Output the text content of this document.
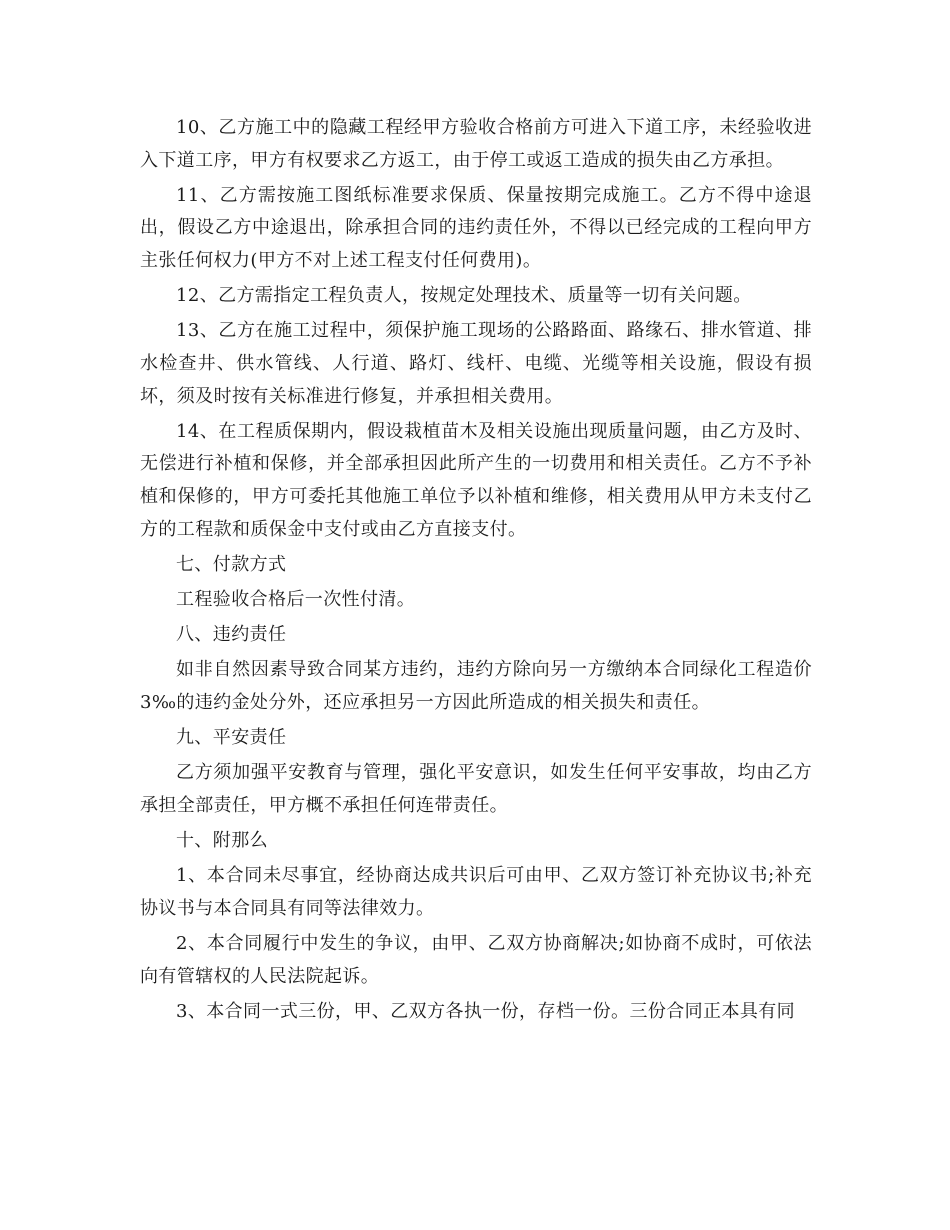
10、乙方施工中的隐藏工程经甲方验收合格前方可进入下道工序，未经验收进入下道工序，甲方有权要求乙方返工，由于停工或返工造成的损失由乙方承担。

11、乙方需按施工图纸标准要求保质、保量按期完成施工。乙方不得中途退出，假设乙方中途退出，除承担合同的违约责任外，不得以已经完成的工程向甲方主张任何权力(甲方不对上述工程支付任何费用)。

12、乙方需指定工程负责人，按规定处理技术、质量等一切有关问题。

13、乙方在施工过程中，须保护施工现场的公路路面、路缘石、排水管道、排水检查井、供水管线、人行道、路灯、线杆、电缆、光缆等相关设施，假设有损坏，须及时按有关标准进行修复，并承担相关费用。

14、在工程质保期内，假设栽植苗木及相关设施出现质量问题，由乙方及时、无偿进行补植和保修，并全部承担因此所产生的一切费用和相关责任。乙方不予补植和保修的，甲方可委托其他施工单位予以补植和维修，相关费用从甲方未支付乙方的工程款和质保金中支付或由乙方直接支付。

七、付款方式

工程验收合格后一次性付清。

八、违约责任

如非自然因素导致合同某方违约，违约方除向另一方缴纳本合同绿化工程造价3‰的违约金处分外，还应承担另一方因此所造成的相关损失和责任。

九、平安责任

乙方须加强平安教育与管理，强化平安意识，如发生任何平安事故，均由乙方承担全部责任，甲方概不承担任何连带责任。

十、附那么

1、本合同未尽事宜，经协商达成共识后可由甲、乙双方签订补充协议书;补充协议书与本合同具有同等法律效力。

2、本合同履行中发生的争议，由甲、乙双方协商解决;如协商不成时，可依法向有管辖权的人民法院起诉。

3、本合同一式三份，甲、乙双方各执一份，存档一份。三份合同正本具有同
